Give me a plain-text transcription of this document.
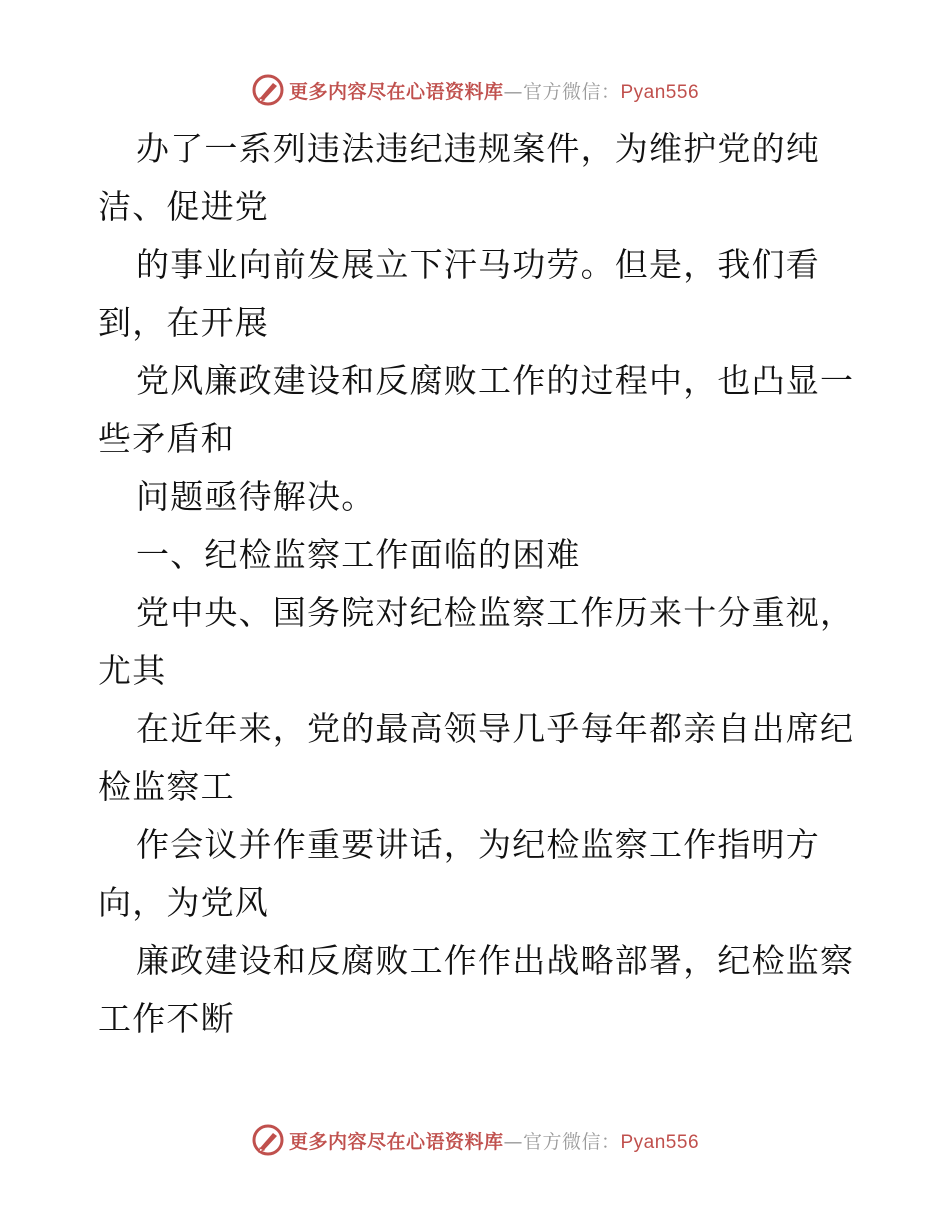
更多内容尽在心语资料库—官方微信：Pyan556
办了一系列违法违纪违规案件，为维护党的纯
洁、促进党
的事业向前发展立下汗马功劳。但是，我们看
到，在开展
党风廉政建设和反腐败工作的过程中，也凸显一
些矛盾和
问题亟待解决。
一、纪检监察工作面临的困难
党中央、国务院对纪检监察工作历来十分重视，
尤其
在近年来，党的最高领导几乎每年都亲自出席纪
检监察工
作会议并作重要讲话，为纪检监察工作指明方
向，为党风
廉政建设和反腐败工作作出战略部署，纪检监察
工作不断
更多内容尽在心语资料库—官方微信：Pyan556
